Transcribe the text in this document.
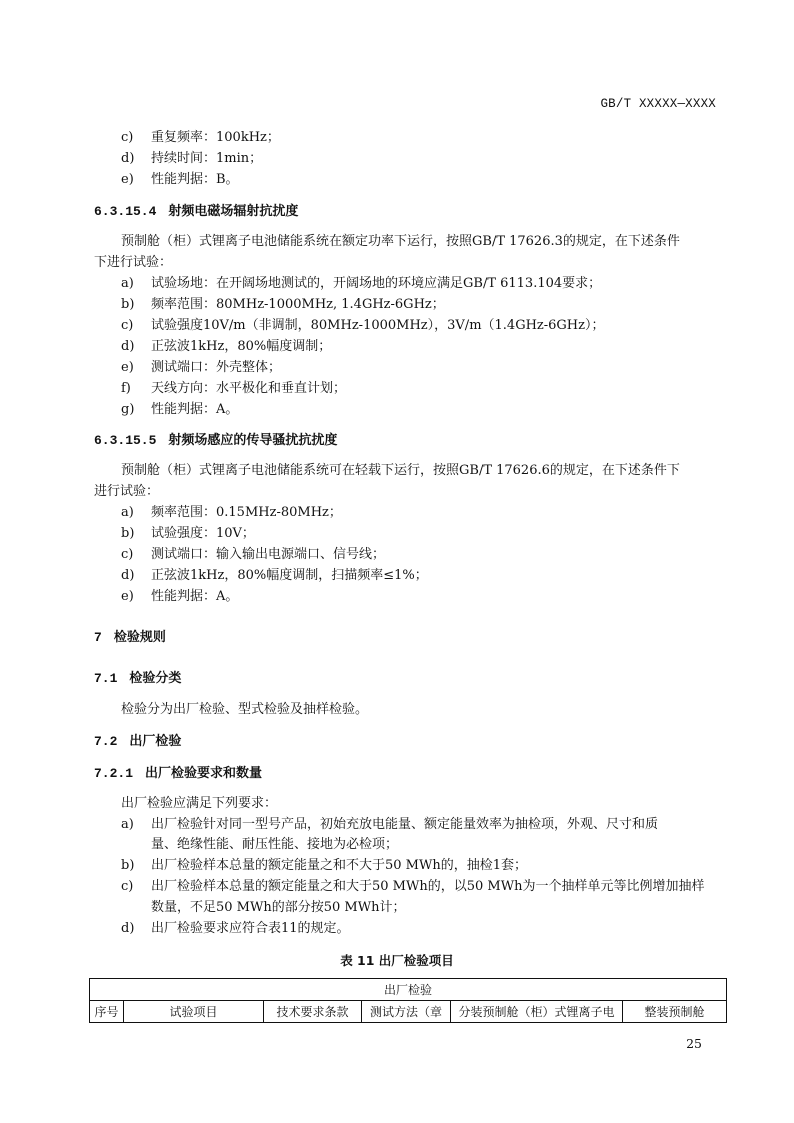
GB/T XXXXX—XXXX
c) 重复频率：100kHz；
d) 持续时间：1min；
e) 性能判据：B。
6.3.15.4 射频电磁场辐射抗扰度
预制舱（柜）式锂离子电池储能系统在额定功率下运行，按照GB/T 17626.3的规定，在下述条件
下进行试验：
a) 试验场地：在开阔场地测试的，开阔场地的环境应满足GB/T 6113.104要求；
b) 频率范围：80MHz-1000MHz, 1.4GHz-6GHz；
c) 试验强度10V/m（非调制，80MHz-1000MHz），3V/m（1.4GHz-6GHz）；
d) 正弦波1kHz，80%幅度调制；
e) 测试端口：外壳整体；
f) 天线方向：水平极化和垂直计划；
g) 性能判据：A。
6.3.15.5 射频场感应的传导骚扰抗扰度
预制舱（柜）式锂离子电池储能系统可在轻载下运行，按照GB/T 17626.6的规定，在下述条件下
进行试验：
a) 频率范围：0.15MHz-80MHz；
b) 试验强度：10V；
c) 测试端口：输入输出电源端口、信号线；
d) 正弦波1kHz，80%幅度调制，扫描频率≤1%；
e) 性能判据：A。
7 检验规则
7.1 检验分类
检验分为出厂检验、型式检验及抽样检验。
7.2 出厂检验
7.2.1 出厂检验要求和数量
出厂检验应满足下列要求：
a) 出厂检验针对同一型号产品，初始充放电能量、额定能量效率为抽检项，外观、尺寸和质
量、绝缘性能、耐压性能、接地为必检项；
b) 出厂检验样本总量的额定能量之和不大于50 MWh的，抽检1套；
c) 出厂检验样本总量的额定能量之和大于50 MWh的，以50 MWh为一个抽样单元等比例增加抽样
数量，不足50 MWh的部分按50 MWh计；
d) 出厂检验要求应符合表11的规定。
表 11 出厂检验项目
出厂检验
序号	试验项目	技术要求条款	测试方法（章	分装预制舱（柜）式锂离子电	整装预制舱
25
